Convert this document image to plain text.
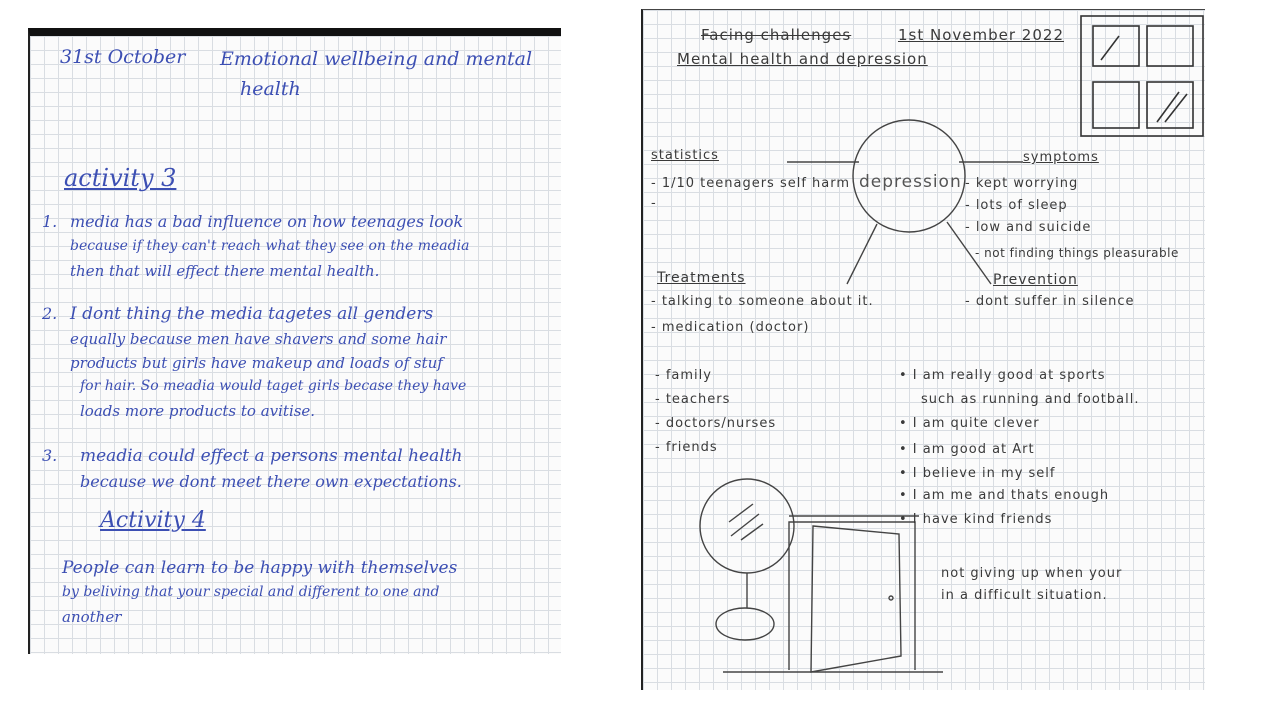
31st October Emotional wellbeing and mental
health
activity 3
1. media has a bad influence on how teenages look
because if they can't reach what they see on the meadia
then that will effect there mental health.
2. I dont thing the media tagetes all genders
equally because men have shavers and some hair
products but girls have makeup and loads of stuf
for hair. So meadia would taget girls becase they have
loads more products to avitise.
3. meadia could effect a persons mental health
because we dont meet there own expectations.
Activity 4
People can learn to be happy with themselves
by beliving that your special and different to one and
another
Facing challenges	1st November 2022
Mental health and depression
depression
statistics
- 1/10 teenagers self harm
-
symptoms
- kept worrying
- lots of sleep
- low and suicide
- not finding things pleasurable
Treatments
- talking to someone about it.
- medication (doctor)
Prevention
- dont suffer in silence
- family
- teachers
- doctors/nurses
- friends
• I am really good at sports
such as running and football.
• I am quite clever
• I am good at Art
• I believe in my self
• I am me and thats enough
• I have kind friends
not giving up when your
in a difficult situation.
